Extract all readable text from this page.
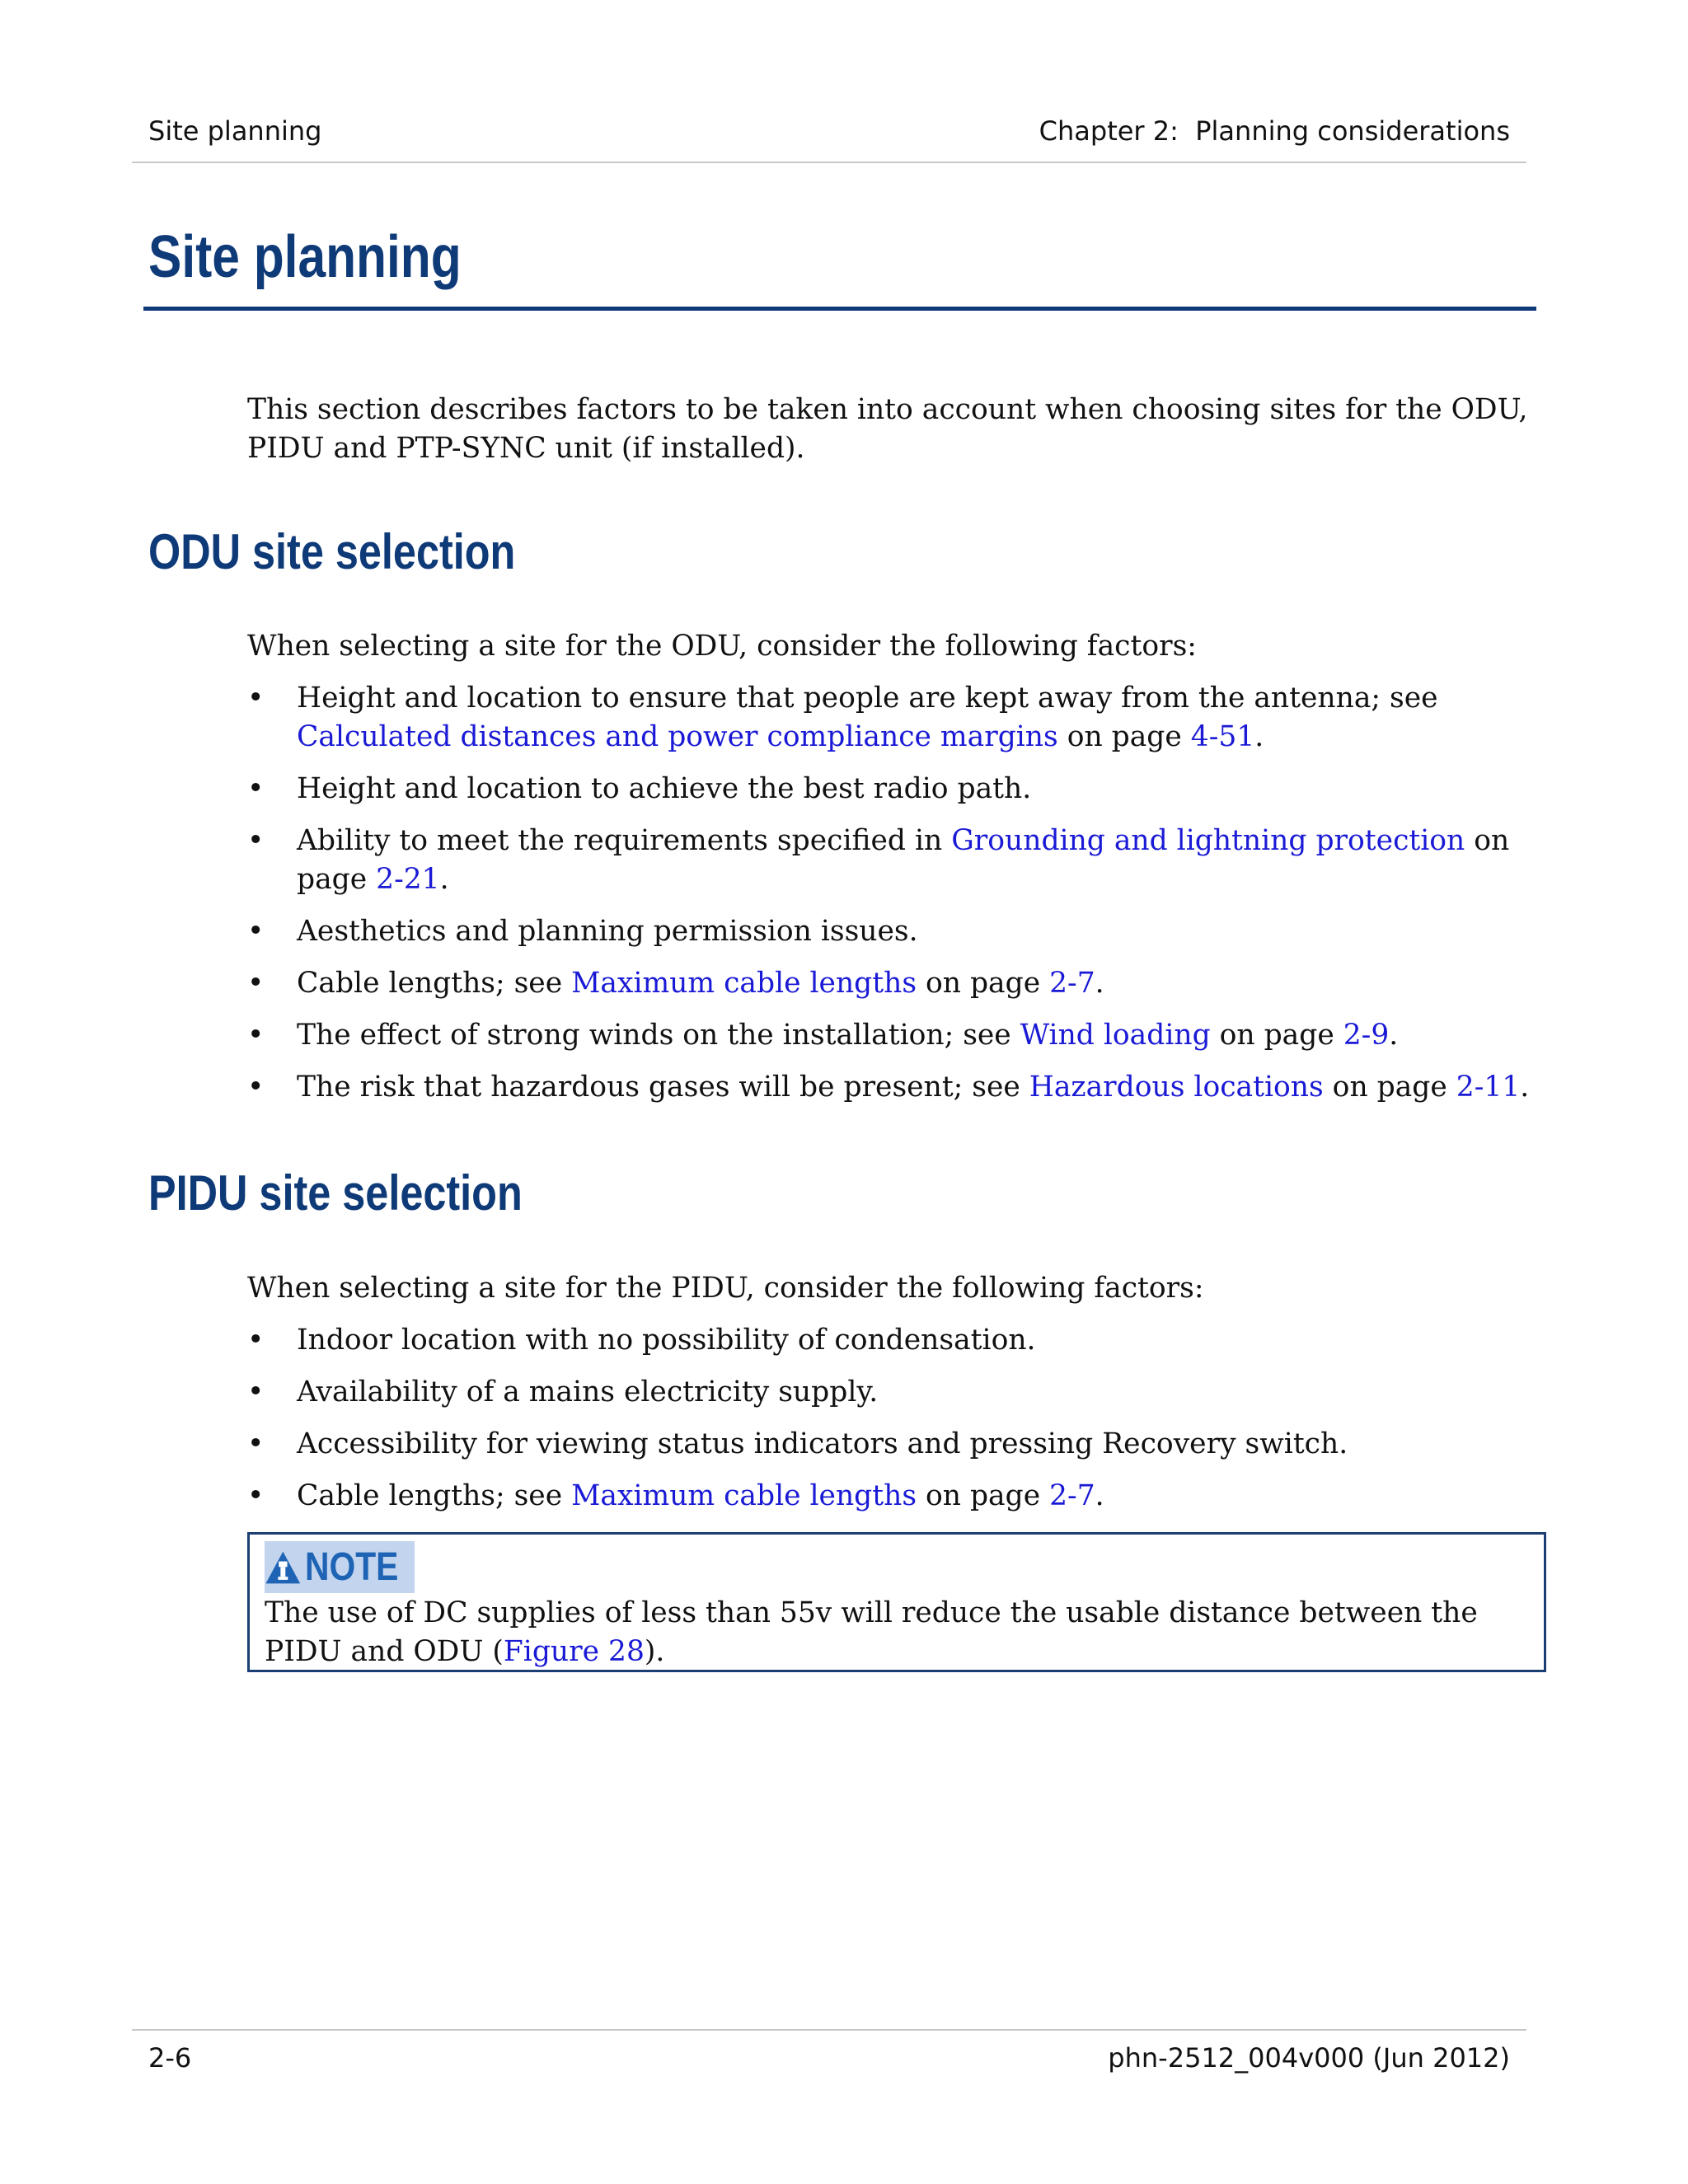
Site planning	Chapter 2:  Planning considerations
Site planning
This section describes factors to be taken into account when choosing sites for the ODU, PIDU and PTP-SYNC unit (if installed).
ODU site selection
When selecting a site for the ODU, consider the following factors:
• Height and location to ensure that people are kept away from the antenna; see Calculated distances and power compliance margins on page 4-51.
• Height and location to achieve the best radio path.
• Ability to meet the requirements specified in Grounding and lightning protection on page 2-21.
• Aesthetics and planning permission issues.
• Cable lengths; see Maximum cable lengths on page 2-7.
• The effect of strong winds on the installation; see Wind loading on page 2-9.
• The risk that hazardous gases will be present; see Hazardous locations on page 2-11.
PIDU site selection
When selecting a site for the PIDU, consider the following factors:
• Indoor location with no possibility of condensation.
• Availability of a mains electricity supply.
• Accessibility for viewing status indicators and pressing Recovery switch.
• Cable lengths; see Maximum cable lengths on page 2-7.
NOTE
The use of DC supplies of less than 55v will reduce the usable distance between the PIDU and ODU (Figure 28).
2-6	phn-2512_004v000 (Jun 2012)
